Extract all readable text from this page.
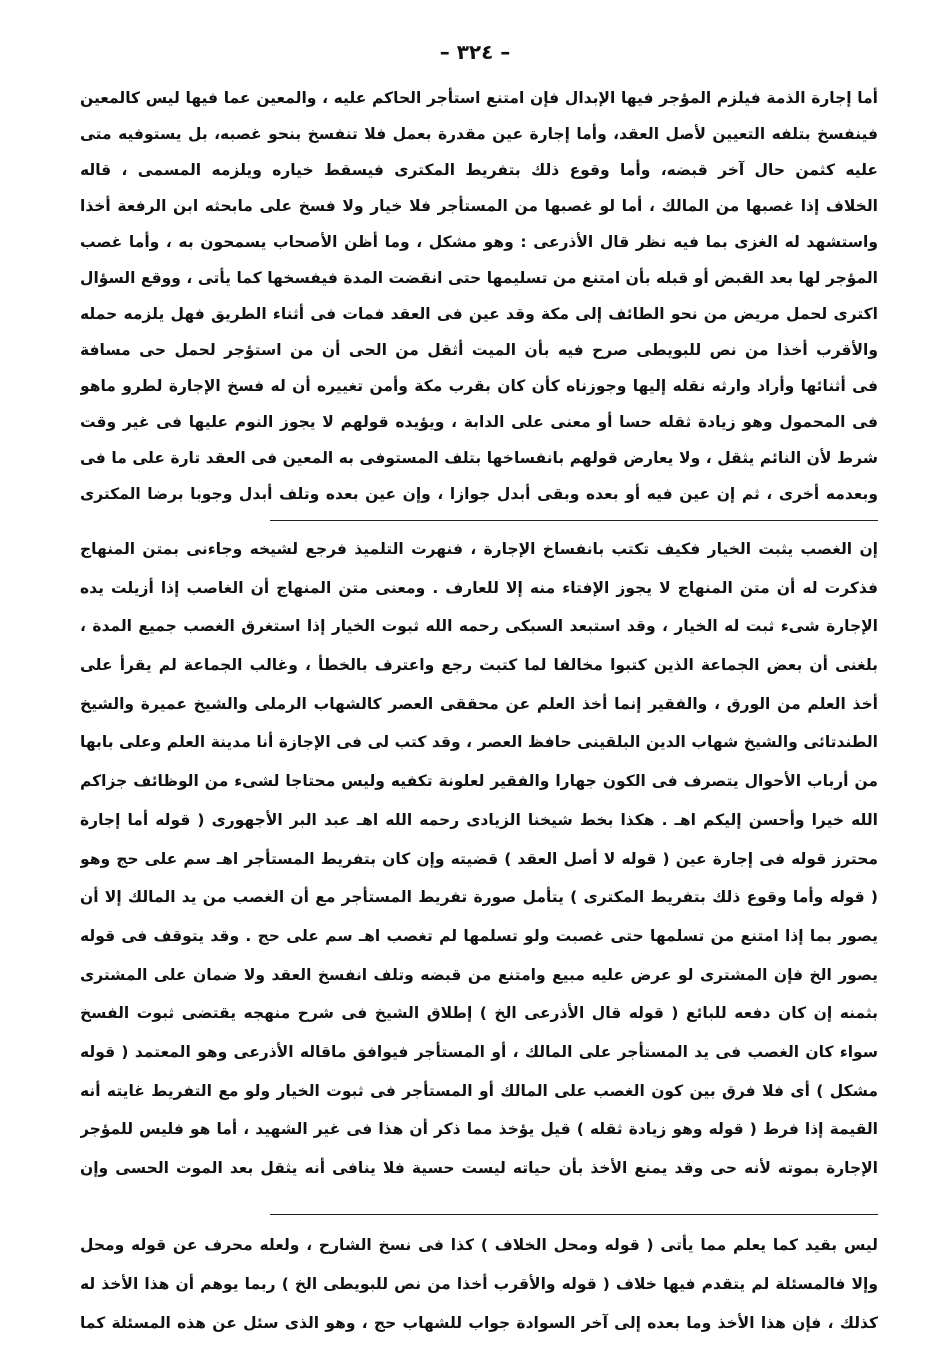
– ٣٢٤ –
أما إجارة الذمة فيلزم المؤجر فيها الإبدال فإن امتنع استأجر الحاكم عليه ، والمعين عما فيها ليس كالمعين
فينفسخ بتلفه التعيين لأصل العقد، وأما إجارة عين مقدرة بعمل فلا تنفسخ بنحو غصبه، بل يستوفيه متى
عليه كثمن حال آخر قبضه، وأما وقوع ذلك بتفريط المكترى فيسقط خياره ويلزمه المسمى ، قاله
الخلاف إذا غصبها من المالك ، أما لو غصبها من المستأجر فلا خيار ولا فسخ على مابحثه ابن الرفعة أخذا
واستشهد له الغزى بما فيه نظر قال الأذرعى : وهو مشكل ، وما أظن الأصحاب يسمحون به ، وأما غصب
المؤجر لها بعد القبض أو قبله بأن امتنع من تسليمها حتى انقضت المدة فيفسخها كما يأتى ، ووقع السؤال
اكترى لحمل مريض من نحو الطائف إلى مكة وقد عين فى العقد فمات فى أثناء الطريق فهل يلزمه حمله
والأقرب أخذا من نص للبويطى صرح فيه بأن الميت أثقل من الحى أن من استؤجر لحمل حى مسافة
فى أثنائها وأراد وارثه نقله إليها وجوزناه كأن كان بقرب مكة وأمن تغييره أن له فسخ الإجارة لطرو ماهو
فى المحمول وهو زيادة ثقله حسا أو معنى على الدابة ، ويؤيده قولهم لا يجوز النوم عليها فى غير وقت
شرط لأن النائم يثقل ، ولا يعارض قولهم بانفساخها بتلف المستوفى به المعين فى العقد تارة على ما فى
وبعدمه أخرى ، ثم إن عين فيه أو بعده وبقى أبدل جوازا ، وإن عين بعده وتلف أبدل وجوبا برضا المكترى
إن الغصب يثبت الخيار فكيف تكتب بانفساخ الإجارة ، فنهرت التلميذ فرجع لشيخه وجاءنى بمتن المنهاج
فذكرت له أن متن المنهاج لا يجوز الإفتاء منه إلا للعارف . ومعنى متن المنهاج أن الغاصب إذا أزيلت يده
الإجارة شىء ثبت له الخيار ، وقد استبعد السبكى رحمه الله ثبوت الخيار إذا استغرق الغصب جميع المدة ،
بلغنى أن بعض الجماعة الذين كتبوا مخالفا لما كتبت رجع واعترف بالخطأ ، وغالب الجماعة لم يقرأ على
أخذ العلم من الورق ، والفقير إنما أخذ العلم عن محققى العصر كالشهاب الرملى والشيخ عميرة والشيخ
الطندتائى والشيخ شهاب الدين البلقينى حافظ العصر ، وقد كتب لى فى الإجازة أنا مدينة العلم وعلى بابها
من أرباب الأحوال يتصرف فى الكون جهارا والفقير لعلونة تكفيه وليس محتاجا لشىء من الوظائف جزاكم
الله خيرا وأحسن إليكم اهـ . هكذا بخط شيخنا الزيادى رحمه الله اهـ عبد البر الأجهورى ( قوله أما إجارة
محترز قوله فى إجارة عين ( قوله لا أصل العقد ) قضيته وإن كان بتفريط المستأجر اهـ سم على حج وهو
( قوله وأما وقوع ذلك بتفريط المكترى ) يتأمل صورة تفريط المستأجر مع أن الغصب من يد المالك إلا أن
يصور بما إذا امتنع من تسلمها حتى غصبت ولو تسلمها لم تغصب اهـ سم على حج . وقد يتوقف فى قوله
يصور الخ فإن المشترى لو عرض عليه مبيع وامتنع من قبضه وتلف انفسخ العقد ولا ضمان على المشترى
بثمنه إن كان دفعه للبائع ( قوله قال الأذرعى الخ ) إطلاق الشيخ فى شرح منهجه يقتضى ثبوت الفسخ
سواء كان الغصب فى يد المستأجر على المالك ، أو المستأجر فيوافق ماقاله الأذرعى وهو المعتمد ( قوله
مشكل ) أى فلا فرق بين كون الغصب على المالك أو المستأجر فى ثبوت الخيار ولو مع التفريط غايته أنه
القيمة إذا فرط ( قوله وهو زيادة ثقله ) قيل يؤخذ مما ذكر أن هذا فى غير الشهيد ، أما هو فليس للمؤجر
الإجارة بموته لأنه حى وقد يمنع الأخذ بأن حياته ليست حسية فلا ينافى أنه يثقل بعد الموت الحسى وإن
ليس بقيد كما يعلم مما يأتى ( قوله ومحل الخلاف ) كذا فى نسخ الشارح ، ولعله محرف عن قوله ومحل
وإلا فالمسئلة لم يتقدم فيها خلاف ( قوله والأقرب أخذا من نص للبويطى الخ ) ربما يوهم أن هذا الأخذ له
كذلك ، فإن هذا الأخذ وما بعده إلى آخر السوادة جواب للشهاب حج ، وهو الذى سئل عن هذه المسئلة كما
